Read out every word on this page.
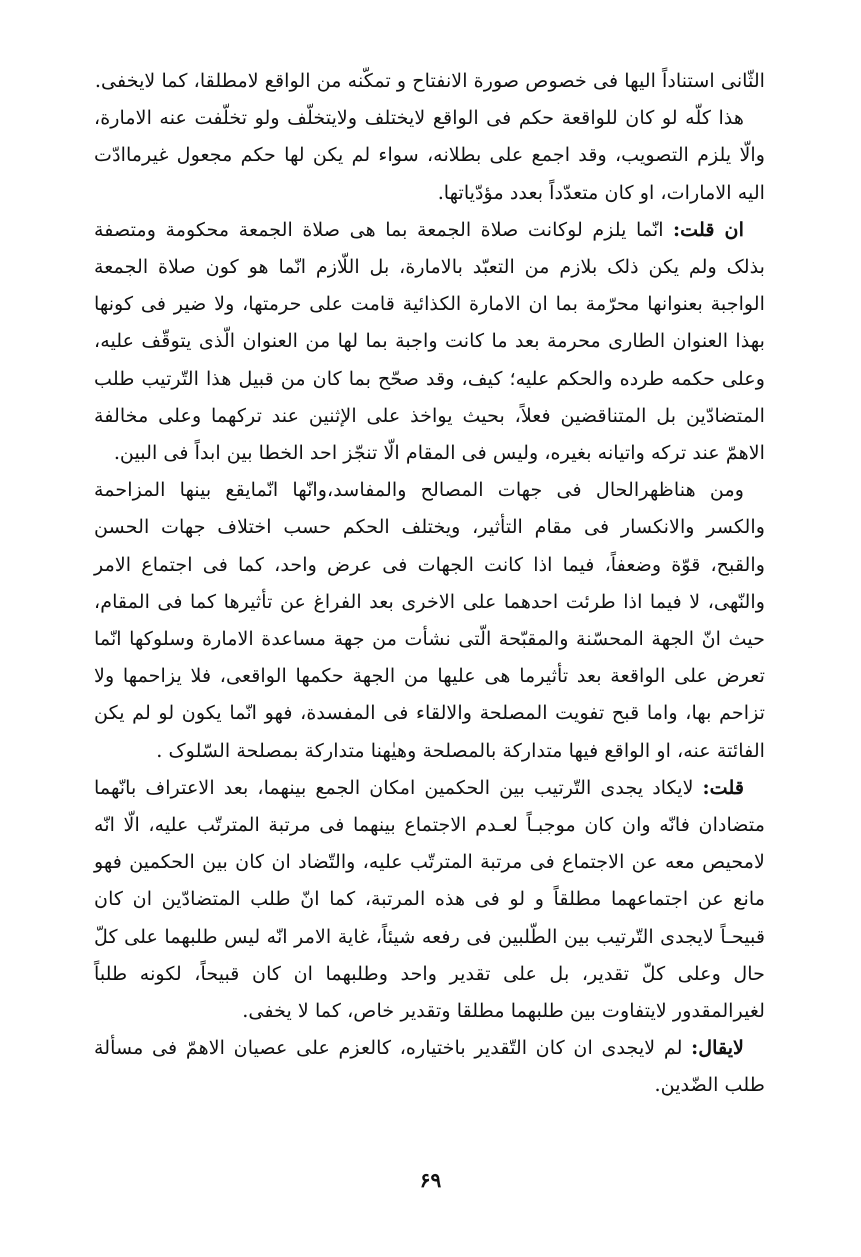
الثّانی استناداً الیها فی خصوص صورة الانفتاح و تمکّنه من الواقع لامطلقا، کما لایخفی.

هذا کلّه لو کان للواقعة حکم فی الواقع لایختلف ولایتخلّف ولو تخلّفت عنه الامارة، والّا یلزم التصویب، وقد اجمع علی بطلانه، سواء لم یکن لها حکم مجعول غیرماادّت الیه الامارات، او کان متعدّداً بعدد مؤدّیاتها.

ان قلت: انّما یلزم لوکانت صلاة الجمعة بما هی صلاة الجمعة محکومة ومتصفة بذلک ولم یکن ذلک بلازم من التعبّد بالامارة، بل اللّازم انّما هو کون صلاة الجمعة الواجبة بعنوانها محرّمة بما ان الامارة الکذائیة قامت علی حرمتها، ولا ضیر فی کونها بهذا العنوان الطاری محرمة بعد ما کانت واجبة بما لها من العنوان الّذی یتوقّف علیه، وعلی حکمه طرده والحکم علیه؛ کیف، وقد صحّح بما کان من قبیل هذا التّرتیب طلب المتضادّین بل المتناقضین فعلاً، بحیث یواخذ علی الإثنین عند ترکهما وعلی مخالفة الاهمّ عند ترکه واتیانه بغیره، ولیس فی المقام الّا تنجّز احد الخطا بین ابداً فی البین.

ومن هناظهرالحال فی جهات المصالح والمفاسد،وانّها انّمایقع بینها المزاحمة والکسر والانکسار فی مقام التأثیر، ویختلف الحکم حسب اختلاف جهات الحسن والقبح، قوّة وضعفاً، فیما اذا کانت الجهات فی عرض واحد، کما فی اجتماع الامر والنّهی، لا فیما اذا طرئت احدهما علی الاخری بعد الفراغ عن تأثیرها کما فی المقام، حیث انّ الجهة المحسّنة والمقبّحة الّتی نشأت من جهة مساعدة الامارة وسلوکها انّما تعرض علی الواقعة بعد تأثیرما هی علیها من الجهة حکمها الواقعی، فلا یزاحمها ولا تزاحم بها، واما قبح تفویت المصلحة والالقاء فی المفسدة، فهو انّما یکون لو لم یکن الفائتة عنه، او الواقع فیها متدارکة بالمصلحة وهیٰهنا متدارکة بمصلحة السّلوک .

قلت: لایکاد یجدی التّرتیب بین الحکمین امکان الجمع بینهما، بعد الاعتراف بانّهما متضادان فانّه وان کان موجبـاً لعـدم الاجتماع بینهما فی مرتبة المترتّب علیه، الّا انّه لامحیص معه عن الاجتماع فی مرتبة المترتّب علیه، والتّضاد ان کان بین الحکمین فهو مانع عن اجتماعهما مطلقاً و لو فی هذه المرتبة، کما انّ طلب المتضادّین ان کان قبیحـاً لایجدی التّرتیب بین الطّلبین فی رفعه شیئاً، غایة الامر انّه لیس طلبهما علی کلّ حال وعلی کلّ تقدیر، بل علی تقدیر واحد وطلبهما ان کان قبیحاً، لکونه طلباً لغیرالمقدور لایتفاوت بین طلبهما مطلقا وتقدیر خاص، کما لا یخفی.

لایقال: لم لایجدی ان کان التّقدیر باختیاره، کالعزم علی عصیان الاهمّ فی مسألة طلب الضّدین.

۶۹
